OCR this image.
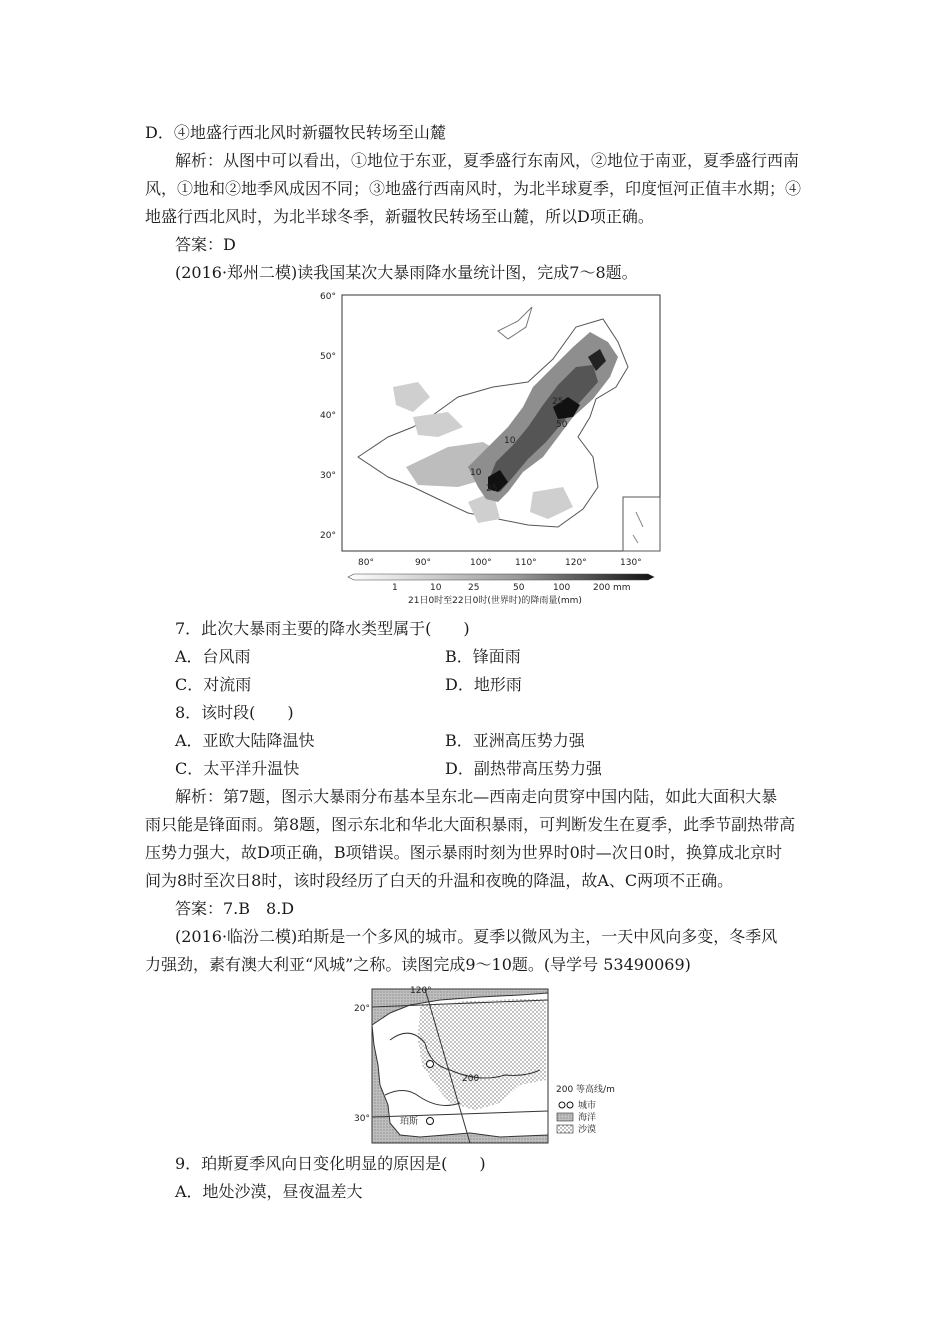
D．④地盛行西北风时新疆牧民转场至山麓
解析：从图中可以看出，①地位于东亚，夏季盛行东南风，②地位于南亚，夏季盛行西南
风，①地和②地季风成因不同；③地盛行西南风时，为北半球夏季，印度恒河正值丰水期；④
地盛行西北风时，为北半球冬季，新疆牧民转场至山麓，所以D项正确。
答案：D
(2016·郑州二模)读我国某次大暴雨降水量统计图，完成7～8题。
60°
50°
40°
30°
20°
80°	90°	100°	110°	120°	130°
25
50
10
10
25
1	10	25	50	100	200 mm
21日0时至22日0时(世界时)的降雨量(mm)
7．此次大暴雨主要的降水类型属于(　　)
A．台风雨	B．锋面雨
C．对流雨	D．地形雨
8．该时段(　　)
A．亚欧大陆降温快	B．亚洲高压势力强
C．太平洋升温快	D．副热带高压势力强
解析：第7题，图示大暴雨分布基本呈东北—西南走向贯穿中国内陆，如此大面积大暴
雨只能是锋面雨。第8题，图示东北和华北大面积暴雨，可判断发生在夏季，此季节副热带高
压势力强大，故D项正确，B项错误。图示暴雨时刻为世界时0时—次日0时，换算成北京时
间为8时至次日8时，该时段经历了白天的升温和夜晚的降温，故A、C两项不正确。
答案：7.B　8.D
(2016·临汾二模)珀斯是一个多风的城市。夏季以微风为主，一天中风向多变，冬季风
力强劲，素有澳大利亚“风城”之称。读图完成9～10题。(导学号 53490069)
120°
20°
30°	珀斯
200
200 等高线/m
城市
海洋
沙漠
9．珀斯夏季风向日变化明显的原因是(　　)
A．地处沙漠，昼夜温差大
